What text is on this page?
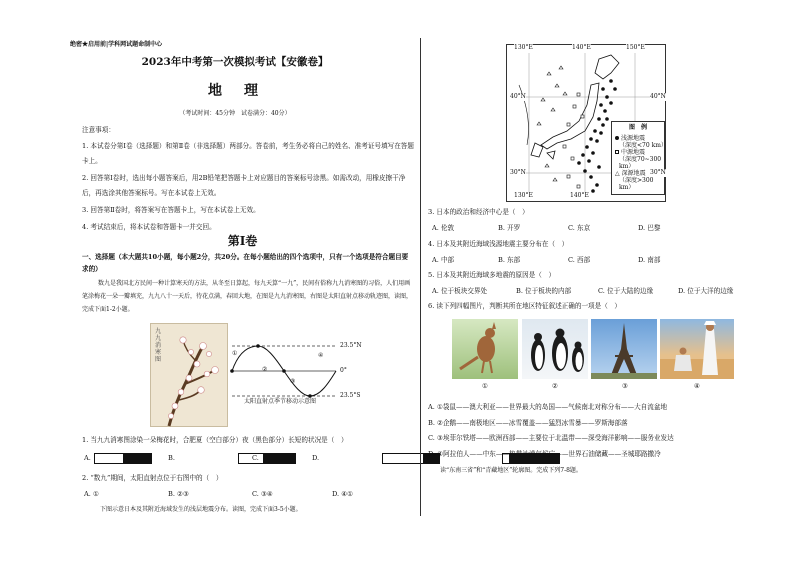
绝密★启用前|学科网试题命制中心
2023年中考第一次模拟考试【安徽卷】
地　理
（考试时间：45分钟　试卷满分：40分）
注意事项：
1. 本试卷分第Ⅰ卷（选择题）和第Ⅱ卷（非选择题）两部分。答卷前，考生务必将自己的姓名、准考证号填写在答题卡上。
2. 回答第Ⅰ卷时，选出每小题答案后，用2B铅笔把答题卡上对应题目的答案标号涂黑。如需改动，用橡皮擦干净后，再选涂其他答案标号。写在本试卷上无效。
3. 回答第Ⅱ卷时，将答案写在答题卡上，写在本试卷上无效。
4. 考试结束后，将本试卷和答题卡一并交回。
第Ⅰ卷
一、选择题（本大题共10小题，每小题2分，共20分。在每小题给出的四个选项中，只有一个选项是符合题目要求的）
数九是我国北方民间一种计算寒天的方法，从冬至日算起，每九天算“一九”，民间有俗称九九消寒图的习俗，人们用画笔涂梅花一朵一瓣填充，九九八十一天后，待花点满，春回大地，在图是九九消寒图，右图是太阳直射点移动轨迹图，读图，完成下面1-2小题。
九九消寒图
23.5°N
0°
23.5°S
①
②
③
④
太阳直射点季节移动示意图
1. 当九九消寒图涂染一朵梅花时，合肥夏（空白部分）夜（黑色部分）长短的状况是（　）
A.
	B.
	C.
	D.
2. “数九”期间，太阳直射点位于右图中的（　）
A. ①	B. ②③	C. ③④	D. ④①
下图示意日本及其附近海域发生的浅层地震分布。读图，完成下面3-5小题。
图　例
浅源地震
（深度<70 km）
中源地震
（深度70~300 km）
△ 深源地震
（深度>300 km）
130°E	140°E	150°E
130°E	140°E
40°N	40°N
30°N	30°N
3. 日本的政治和经济中心是（　）
A. 伦敦	B. 开罗	C. 东京	D. 巴黎
4. 日本及其附近海域浅源地震主要分布在（　）
A. 中部	B. 东部	C. 西部	D. 南部
5. 日本及其附近海域多地震的原因是（　）
A. 位于板块交界处	B. 位于板块的内部	C. 位于大陆的边缘	D. 位于大洋的边缘
6. 读下列四幅图片，判断其所在地区特征叙述正确的一项是（　）
①	②	③	④
A. ①袋鼠——澳大利亚——世界最大的岛国——气候南北对称分布——大自流盆地
B. ②企鹅——南极地区——冰雪覆盖——猛烈冰雪暴——罗斯海部落
C. ③埃菲尔铁塔——欧洲西部——主要位于北温带——深受海洋影响——服务业发达
D. ④阿拉伯人——中东——热带沙漠气候广——世界石油储藏——圣城耶路撒冷
读“东南三省”和“青藏地区”轮廓图。完成下列7-8题。
